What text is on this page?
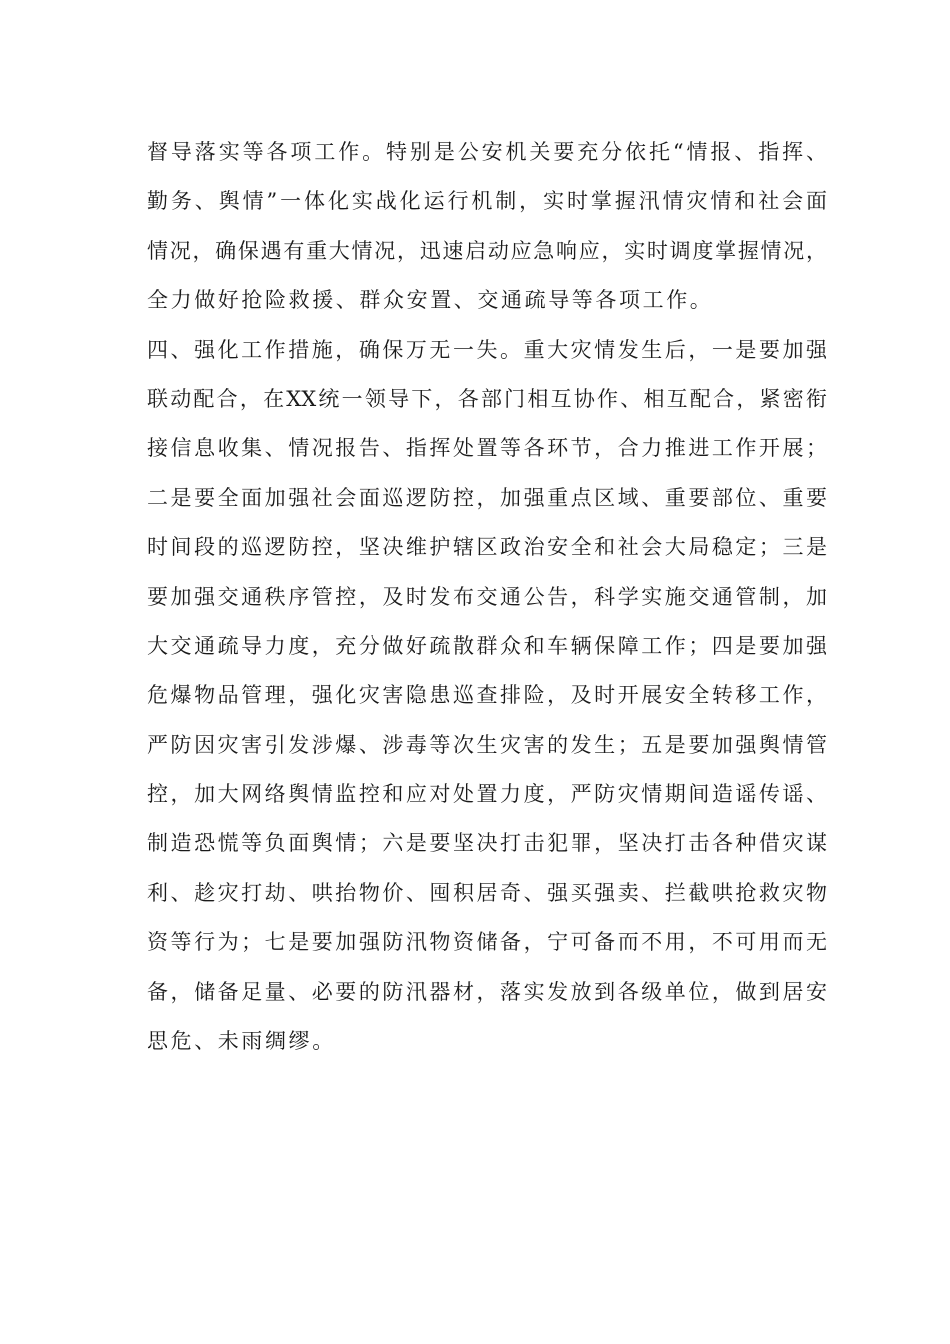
督导落实等各项工作。特别是公安机关要充分依托“情报、指挥、
勤务、舆情”一体化实战化运行机制，实时掌握汛情灾情和社会面
情况，确保遇有重大情况，迅速启动应急响应，实时调度掌握情况，
全力做好抢险救援、群众安置、交通疏导等各项工作。
四、强化工作措施，确保万无一失。重大灾情发生后，一是要加强
联动配合，在XX统一领导下，各部门相互协作、相互配合，紧密衔
接信息收集、情况报告、指挥处置等各环节，合力推进工作开展；
二是要全面加强社会面巡逻防控，加强重点区域、重要部位、重要
时间段的巡逻防控，坚决维护辖区政治安全和社会大局稳定；三是
要加强交通秩序管控，及时发布交通公告，科学实施交通管制，加
大交通疏导力度，充分做好疏散群众和车辆保障工作；四是要加强
危爆物品管理，强化灾害隐患巡查排险，及时开展安全转移工作，
严防因灾害引发涉爆、涉毒等次生灾害的发生；五是要加强舆情管
控，加大网络舆情监控和应对处置力度，严防灾情期间造谣传谣、
制造恐慌等负面舆情；六是要坚决打击犯罪，坚决打击各种借灾谋
利、趁灾打劫、哄抬物价、囤积居奇、强买强卖、拦截哄抢救灾物
资等行为；七是要加强防汛物资储备，宁可备而不用，不可用而无
备，储备足量、必要的防汛器材，落实发放到各级单位，做到居安
思危、未雨绸缪。
